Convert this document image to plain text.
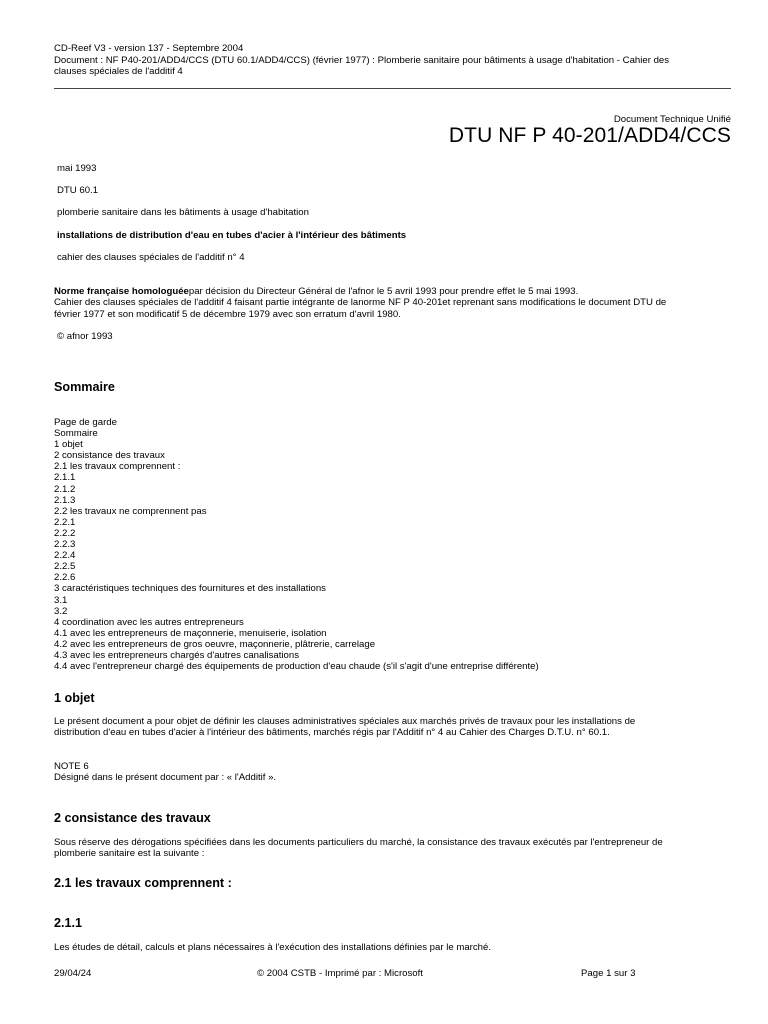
CD-Reef V3 - version 137 - Septembre 2004
Document : NF P40-201/ADD4/CCS (DTU 60.1/ADD4/CCS) (février 1977) : Plomberie sanitaire pour bâtiments à usage d'habitation - Cahier des
clauses spéciales de l'additif 4
Document Technique Unifié
DTU NF P 40-201/ADD4/CCS
mai 1993
DTU 60.1
plomberie sanitaire dans les bâtiments à usage d'habitation
installations de distribution d'eau en tubes d'acier à l'intérieur des bâtiments
cahier des clauses spéciales de l'additif n° 4
Norme française homologuéepar décision du Directeur Général de l'afnor le 5 avril 1993 pour prendre effet le 5 mai 1993.
Cahier des clauses spéciales de l'additif 4 faisant partie intégrante de lanorme NF P 40-201et reprenant sans modifications le document DTU de
février 1977 et son modificatif 5 de décembre 1979 avec son erratum d'avril 1980.
© afnor 1993
Sommaire
Page de garde
Sommaire
1 objet
2 consistance des travaux
2.1 les travaux comprennent :
2.1.1
2.1.2
2.1.3
2.2 les travaux ne comprennent pas
2.2.1
2.2.2
2.2.3
2.2.4
2.2.5
2.2.6
3 caractéristiques techniques des fournitures et des installations
3.1
3.2
4 coordination avec les autres entrepreneurs
4.1 avec les entrepreneurs de maçonnerie, menuiserie, isolation
4.2 avec les entrepreneurs de gros oeuvre, maçonnerie, plâtrerie, carrelage
4.3 avec les entrepreneurs chargés d'autres canalisations
4.4 avec l'entrepreneur chargé des équipements de production d'eau chaude (s'il s'agit d'une entreprise différente)
1 objet
Le présent document a pour objet de définir les clauses administratives spéciales aux marchés privés de travaux pour les installations de
distribution d'eau en tubes d'acier à l'intérieur des bâtiments, marchés régis par l'Additif n° 4 au Cahier des Charges D.T.U. n° 60.1.
NOTE 6
Désigné dans le présent document par : « l'Additif ».
2 consistance des travaux
Sous réserve des dérogations spécifiées dans les documents particuliers du marché, la consistance des travaux exécutés par l'entrepreneur de
plomberie sanitaire est la suivante :
2.1 les travaux comprennent :
2.1.1
Les études de détail, calculs et plans nécessaires à l'exécution des installations définies par le marché.
29/04/24	© 2004 CSTB - Imprimé par : Microsoft	Page 1 sur 3
